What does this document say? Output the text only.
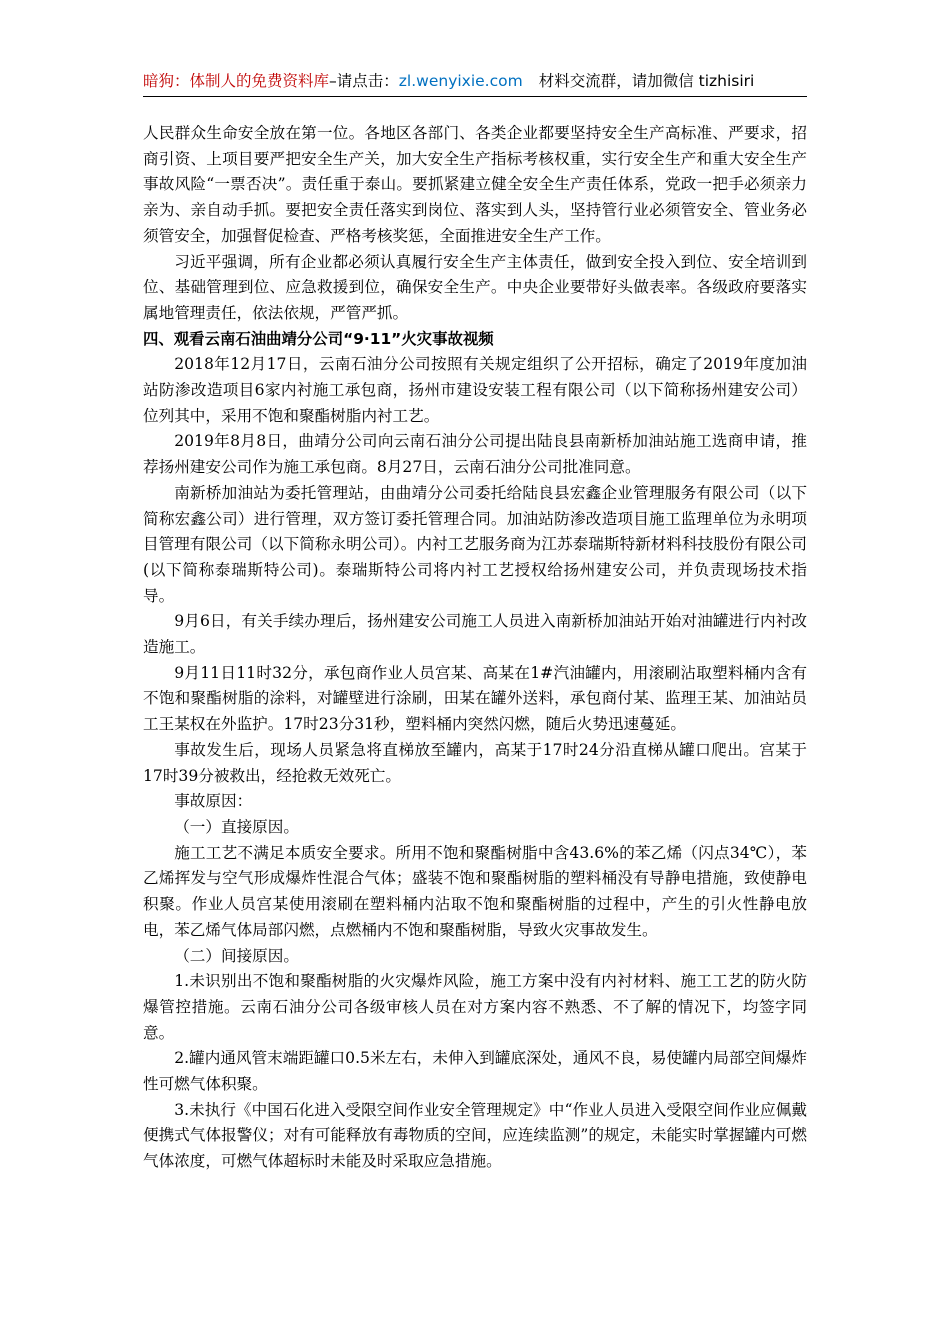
暗狗：体制人的免费资料库–请点击：zl.wenyixie.com 材料交流群，请加微信 tizhisiri

人民群众生命安全放在第一位。各地区各部门、各类企业都要坚持安全生产高标准、严要求，招商引资、上项目要严把安全生产关，加大安全生产指标考核权重，实行安全生产和重大安全生产事故风险“一票否决”。责任重于泰山。要抓紧建立健全安全生产责任体系，党政一把手必须亲力亲为、亲自动手抓。要把安全责任落实到岗位、落实到人头，坚持管行业必须管安全、管业务必须管安全，加强督促检查、严格考核奖惩，全面推进安全生产工作。

习近平强调，所有企业都必须认真履行安全生产主体责任，做到安全投入到位、安全培训到位、基础管理到位、应急救援到位，确保安全生产。中央企业要带好头做表率。各级政府要落实属地管理责任，依法依规，严管严抓。

四、观看云南石油曲靖分公司“9·11”火灾事故视频

2018年12月17日，云南石油分公司按照有关规定组织了公开招标，确定了2019年度加油站防渗改造项目6家内衬施工承包商，扬州市建设安装工程有限公司（以下简称扬州建安公司）位列其中，采用不饱和聚酯树脂内衬工艺。

2019年8月8日，曲靖分公司向云南石油分公司提出陆良县南新桥加油站施工选商申请，推荐扬州建安公司作为施工承包商。8月27日，云南石油分公司批准同意。

南新桥加油站为委托管理站，由曲靖分公司委托给陆良县宏鑫企业管理服务有限公司（以下简称宏鑫公司）进行管理，双方签订委托管理合同。加油站防渗改造项目施工监理单位为永明项目管理有限公司（以下简称永明公司）。内衬工艺服务商为江苏泰瑞斯特新材料科技股份有限公司(以下简称泰瑞斯特公司)。泰瑞斯特公司将内衬工艺授权给扬州建安公司，并负责现场技术指导。

9月6日，有关手续办理后，扬州建安公司施工人员进入南新桥加油站开始对油罐进行内衬改造施工。

9月11日11时32分，承包商作业人员宫某、高某在1#汽油罐内，用滚刷沾取塑料桶内含有不饱和聚酯树脂的涂料，对罐壁进行涂刷，田某在罐外送料，承包商付某、监理王某、加油站员工王某权在外监护。17时23分31秒，塑料桶内突然闪燃，随后火势迅速蔓延。

事故发生后，现场人员紧急将直梯放至罐内，高某于17时24分沿直梯从罐口爬出。宫某于17时39分被救出，经抢救无效死亡。

事故原因：

（一）直接原因。

施工工艺不满足本质安全要求。所用不饱和聚酯树脂中含43.6%的苯乙烯（闪点34℃），苯乙烯挥发与空气形成爆炸性混合气体；盛装不饱和聚酯树脂的塑料桶没有导静电措施，致使静电积聚。作业人员宫某使用滚刷在塑料桶内沾取不饱和聚酯树脂的过程中，产生的引火性静电放电，苯乙烯气体局部闪燃，点燃桶内不饱和聚酯树脂，导致火灾事故发生。

（二）间接原因。

1.未识别出不饱和聚酯树脂的火灾爆炸风险，施工方案中没有内衬材料、施工工艺的防火防爆管控措施。云南石油分公司各级审核人员在对方案内容不熟悉、不了解的情况下，均签字同意。

2.罐内通风管末端距罐口0.5米左右，未伸入到罐底深处，通风不良，易使罐内局部空间爆炸性可燃气体积聚。

3.未执行《中国石化进入受限空间作业安全管理规定》中“作业人员进入受限空间作业应佩戴便携式气体报警仪；对有可能释放有毒物质的空间，应连续监测”的规定，未能实时掌握罐内可燃气体浓度，可燃气体超标时未能及时采取应急措施。
